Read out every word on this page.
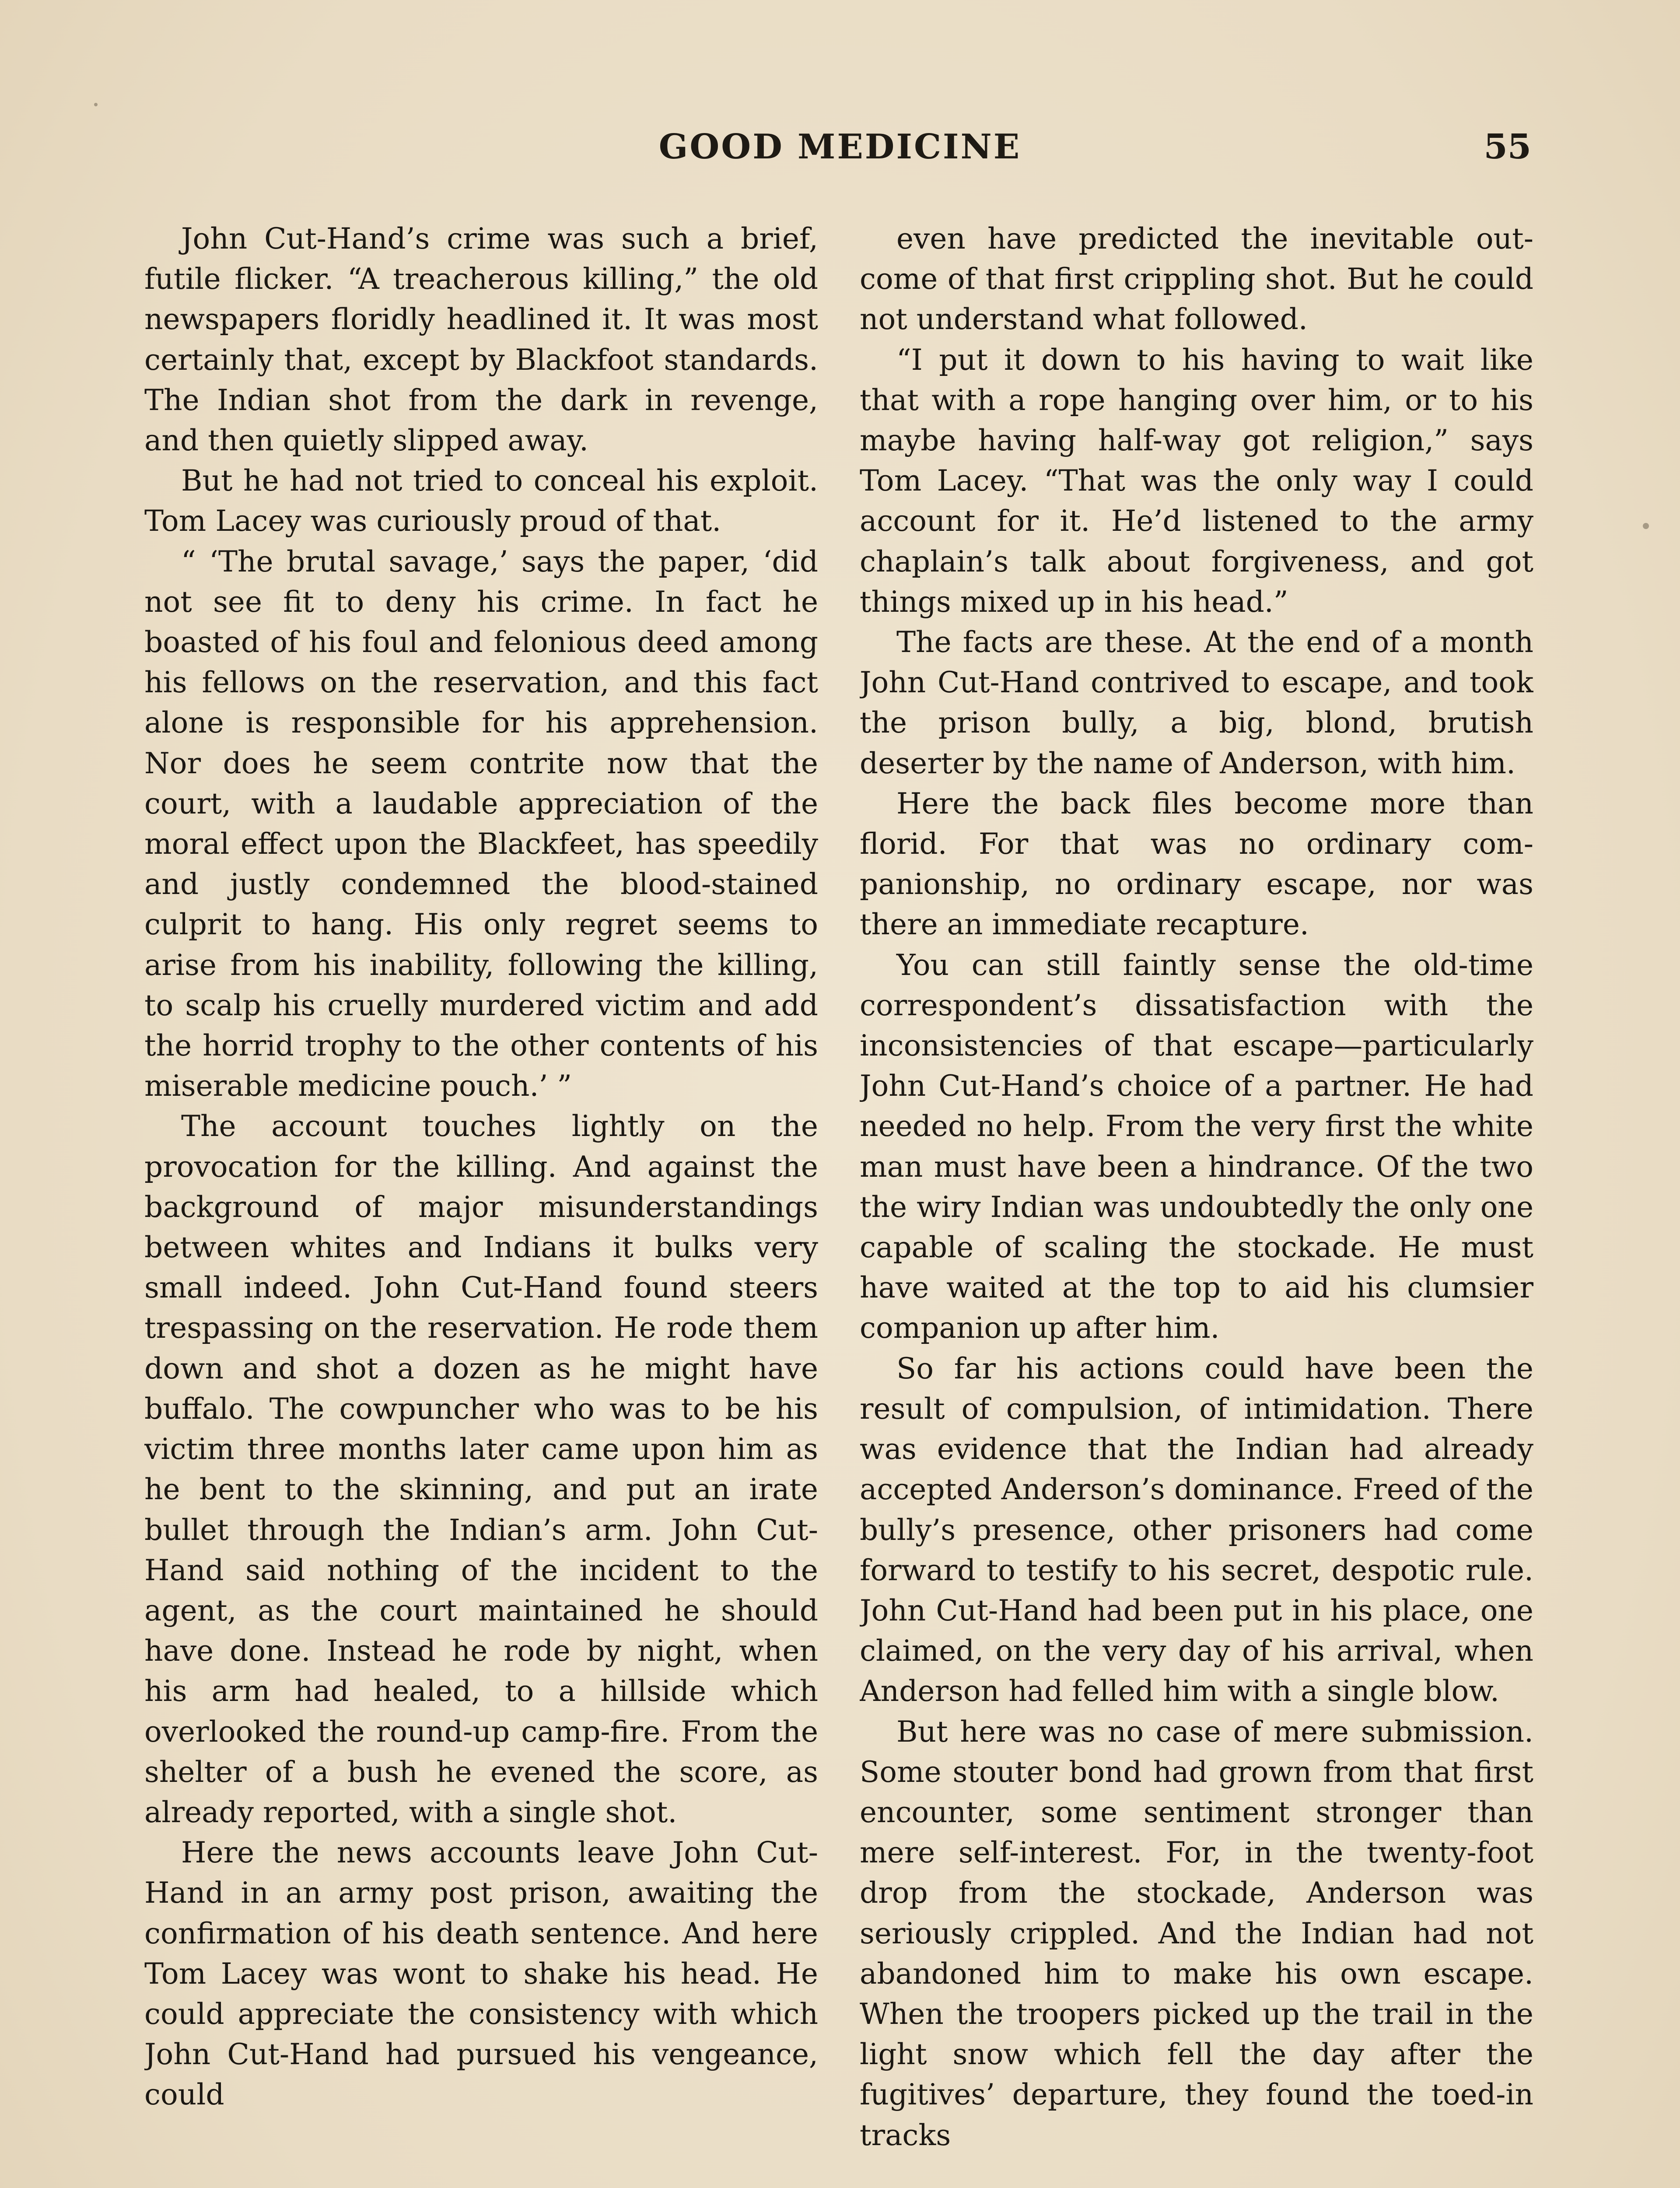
GOOD MEDICINE	55

John Cut-Hand’s crime was such a brief, futile flicker. “A treacherous killing,” the old newspapers floridly headlined it. It was most certainly that, except by Blackfoot standards. The Indian shot from the dark in revenge, and then quietly slipped away.

But he had not tried to conceal his exploit. Tom Lacey was curiously proud of that.

“ ‘The brutal savage,’ says the paper, ‘did not see fit to deny his crime. In fact he boasted of his foul and felonious deed among his fellows on the reservation, and this fact alone is responsible for his apprehension. Nor does he seem contrite now that the court, with a laudable appreciation of the moral effect upon the Blackfeet, has speedily and justly condemned the blood-stained culprit to hang. His only regret seems to arise from his inability, following the killing, to scalp his cruelly murdered victim and add the horrid trophy to the other contents of his miserable medicine pouch.’ ”

The account touches lightly on the provocation for the killing. And against the background of major misunderstandings between whites and Indians it bulks very small indeed. John Cut-Hand found steers trespassing on the reservation. He rode them down and shot a dozen as he might have buffalo. The cowpuncher who was to be his victim three months later came upon him as he bent to the skinning, and put an irate bullet through the Indian’s arm. John Cut-Hand said nothing of the incident to the agent, as the court maintained he should have done. Instead he rode by night, when his arm had healed, to a hillside which overlooked the round-up camp-fire. From the shelter of a bush he evened the score, as already reported, with a single shot.

Here the news accounts leave John Cut-Hand in an army post prison, awaiting the confirmation of his death sentence. And here Tom Lacey was wont to shake his head. He could appreciate the consistency with which John Cut-Hand had pursued his vengeance, could

even have predicted the inevitable outcome of that first crippling shot. But he could not understand what followed.

“I put it down to his having to wait like that with a rope hanging over him, or to his maybe having half-way got religion,” says Tom Lacey. “That was the only way I could account for it. He’d listened to the army chaplain’s talk about forgiveness, and got things mixed up in his head.”

The facts are these. At the end of a month John Cut-Hand contrived to escape, and took the prison bully, a big, blond, brutish deserter by the name of Anderson, with him.

Here the back files become more than florid. For that was no ordinary companionship, no ordinary escape, nor was there an immediate recapture.

You can still faintly sense the old-time correspondent’s dissatisfaction with the inconsistencies of that escape—particularly John Cut-Hand’s choice of a partner. He had needed no help. From the very first the white man must have been a hindrance. Of the two the wiry Indian was undoubtedly the only one capable of scaling the stockade. He must have waited at the top to aid his clumsier companion up after him.

So far his actions could have been the result of compulsion, of intimidation. There was evidence that the Indian had already accepted Anderson’s dominance. Freed of the bully’s presence, other prisoners had come forward to testify to his secret, despotic rule. John Cut-Hand had been put in his place, one claimed, on the very day of his arrival, when Anderson had felled him with a single blow.

But here was no case of mere submission. Some stouter bond had grown from that first encounter, some sentiment stronger than mere self-interest. For, in the twenty-foot drop from the stockade, Anderson was seriously crippled. And the Indian had not abandoned him to make his own escape. When the troopers picked up the trail in the light snow which fell the day after the fugitives’ departure, they found the toed-in tracks
